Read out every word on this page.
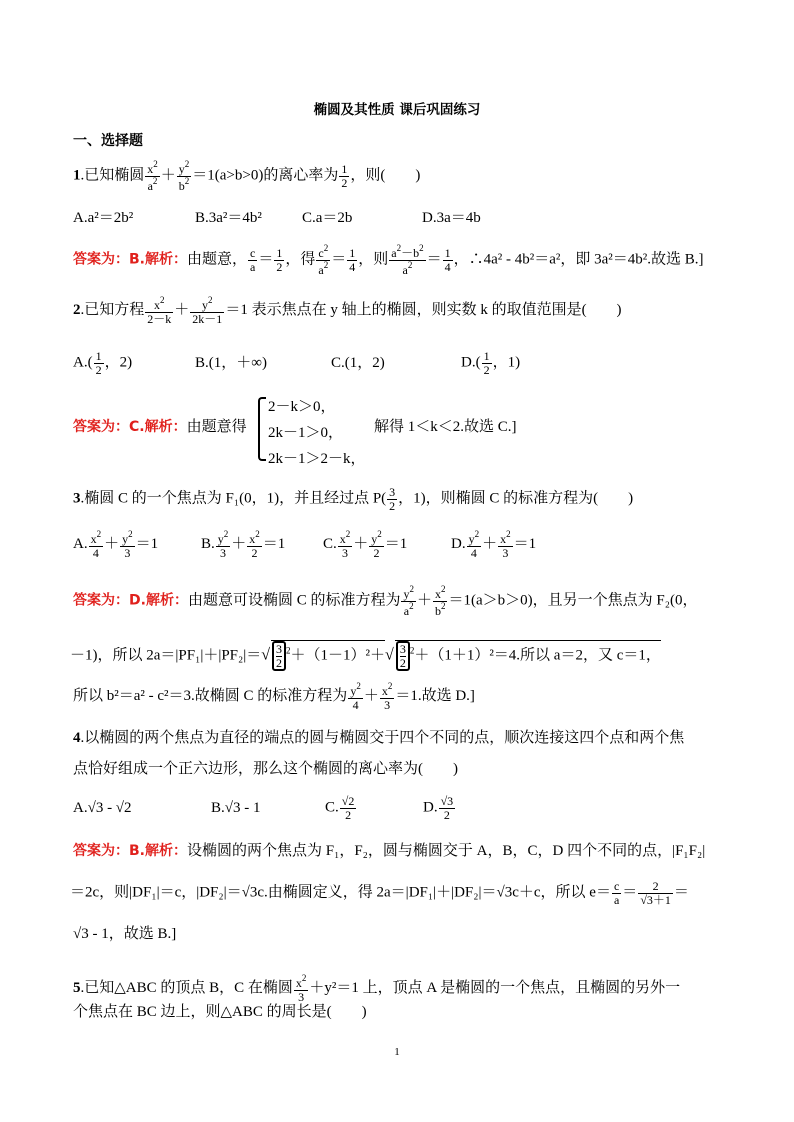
椭圆及其性质 课后巩固练习
一、选择题
1.已知椭圆 $\frac{x^2}{a^2} + \frac{y^2}{b^2} =1(a>b>0)$的离心率为 $\frac{1}{2}$ ，则(　　)
A.a²＝2b²	B.3a²＝4b²	C.a＝2b	D.3a＝4b
答案为：B.解析：由题意， $\frac{c}{a} = \frac{1}{2}$ ，得 $\frac{c^2}{a^2} = \frac{1}{4}$ ，则 $\frac{a^2-b^2}{a^2} = \frac{1}{4}$ ，∴4a² - 4b²＝a²，即 3a²＝4b².故选 B.]
2.已知方程 $\frac{x^2}{2-k} + \frac{y^2}{2k-1} =1$ 表示焦点在 y 轴上的椭圆，则实数 k 的取值范围是(　　)
$A.( \frac{1}{2}$ ，2)	B.(1，＋∞)	C.(1，2)	$D.( \frac{1}{2}$ ，1)
答案为：C.解析：由题意得
2－k＞0，
2k－1＞0，
2k－1＞2－k，
解得 1＜k＜2.故选 C.]
3.椭圆 C 的一个焦点为 F₁(0，1)，并且经过点 $P( \frac{3}{2}$ ，1)，则椭圆 C 的标准方程为(　　)
A. $\frac{x^2}{4} + \frac{y^2}{3} =1$	B. $\frac{y^2}{3} + \frac{x^2}{2} =1$	C. $\frac{x^2}{3} + \frac{y^2}{2} =1$	D. $\frac{y^2}{4} + \frac{x^2}{3} =1$
答案为：D.解析：由题意可设椭圆 C 的标准方程为 $\frac{y^2}{a^2} + \frac{x^2}{b^2} =1(a>b>0)$，且另一个焦点为 F₂(0，
－1)，所以 $2a=|PF_1|+|PF_2|=√ \frac{3}{2} ^2+(1-1)^2+√ \frac{3}{2} ^2+(1+1)^2=4$.所以 a＝2，又 c＝1，
所以 b²＝a² - c²＝3.故椭圆 C 的标准方程为 $\frac{y^2}{4} + \frac{x^2}{3} =1$.故选 D.]
4.以椭圆的两个焦点为直径的端点的圆与椭圆交于四个不同的点，顺次连接这四个点和两个焦
点恰好组成一个正六边形，那么这个椭圆的离心率为(　　)
A.√3 - √2	B.√3 - 1	C. $\frac{√2}{2}$	D. $\frac{√3}{2}$
答案为：B.解析：设椭圆的两个焦点为 F₁，F₂，圆与椭圆交于 A，B，C，D 四个不同的点，|F₁F₂|
＝2c，则|DF₁|＝c，|DF₂|＝√3c.由椭圆定义，得 2a＝|DF₁|＋|DF₂|＝√3c＋c，所以 $e= \frac{c}{a} = \frac{2}{√3+1}$ ＝
√3 - 1，故选 B.]
5.已知△ABC 的顶点 B，C 在椭圆 $\frac{x^2}{3} +y^2=1$ 上，顶点 A 是椭圆的一个焦点，且椭圆的另外一
个焦点在 BC 边上，则△ABC 的周长是(　　)
1
